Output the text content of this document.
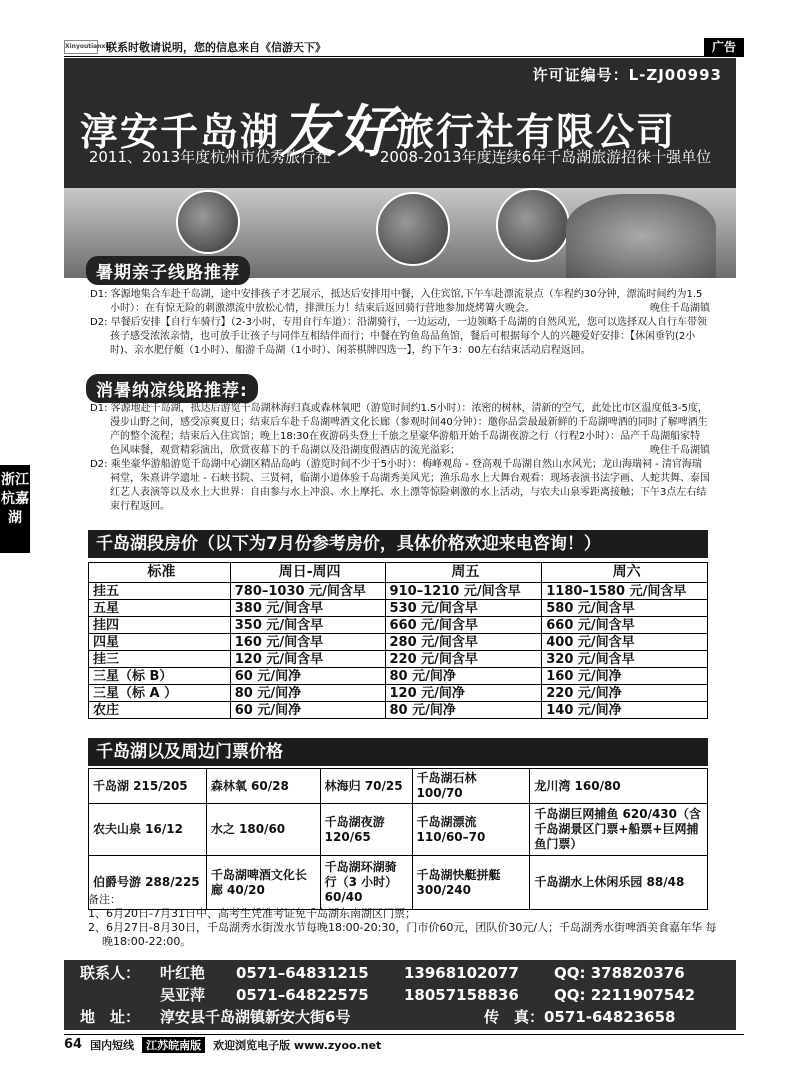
Xinyoutianxia
联系时敬请说明，您的信息来自《信游天下》	广告
许可证编号：L-ZJ00993
淳安千岛湖友好旅行社有限公司
2011、2013年度杭州市优秀旅行社	2008-2013年度连续6年千岛湖旅游招徕十强单位
暑期亲子线路推荐

D1: 客源地集合车赴千岛湖，途中安排孩子才艺展示，抵达后安排用中餐，入住宾馆,下午车赴漂流景点（车程约30分钟，漂流时间约为1.5小时）：在有惊无险的刺激漂流中放松心情，排泄压力！结束后返回骑行营地参加烧烤篝火晚会。	晚住千岛湖镇

D2: 早餐后安排【自行车骑行】（2-3小时，专用自行车道）：沿湖骑行，一边运动，一边领略千岛湖的自然风光，您可以选择双人自行车带领孩子感受浓浓亲情，也可放手让孩子与同伴互相结伴而行；中餐在钓鱼岛品鱼馆，餐后可根据每个人的兴趣爱好安排：【休闲垂钓(2小时)、亲水肥仔艇（1小时）、船游千岛湖（1小时）、闲茶棋牌四选一】，约下午3：00左右结束活动启程返回。

消暑纳凉线路推荐:

D1: 客源地赴千岛湖，抵达后游览千岛湖林海归真或森林氧吧（游览时间约1.5小时）：浓密的树林，清新的空气，此处比市区温度低3-5度，漫步山野之间，感受凉爽夏日；结束后车赴千岛湖啤酒文化长廊（参观时间40分钟）：邀你品尝最最新鲜的千岛湖啤酒的同时了解啤酒生产的整个流程；结束后入住宾馆；晚上18:30在夜游码头登上千旅之星豪华游船开始千岛湖夜游之行（行程2小时）：品产千岛湖船家特色风味餐，观赏精彩演出，欣赏夜幕下的千岛湖以及沿湖度假酒店的流光溢彩；	晚住千岛湖镇

D2: 乘坐豪华游船游览千岛湖中心湖区精品岛屿（游览时间不少于5小时）：梅峰观岛 - 登高观千岛湖自然山水风光；龙山海瑞祠 - 清官海瑞祠堂，朱熹讲学遗址 - 石峡书院、三贤祠，临湖小道体验千岛湖秀美风光；渔乐岛水上大舞台观看：现场表演书法字画、人蛇共舞、泰国红艺人表演等以及水上大世界：自由参与水上冲浪、水上摩托、水上漂等惊险刺激的水上活动，与农夫山泉零距离接触；下午3点左右结束行程返回。

浙江
杭嘉
湖
千岛湖段房价（以下为7月份参考房价，具体价格欢迎来电咨询！）
标准	周日-周四	周五	周六
挂五	780–1030 元/间含早	910–1210 元/间含早	1180–1580 元/间含早
五星	380 元/间含早	530 元/间含早	580 元/间含早
挂四	350 元/间含早	660 元/间含早	660 元/间含早
四星	160 元/间含早	280 元/间含早	400 元/间含早
挂三	120 元/间含早	220 元/间含早	320 元/间含早
三星（标 B）	60 元/间净	80 元/间净	160 元/间净
三星（标 A ）	80 元/间净	120 元/间净	220 元/间净
农庄	60 元/间净	80 元/间净	140 元/间净
千岛湖以及周边门票价格
千岛湖 215/205	森林氧 60/28	林海归 70/25	千岛湖石林 100/70	龙川湾 160/80
农夫山泉 16/12	水之 180/60	千岛湖夜游 120/65	千岛湖漂流 110/60–70	千岛湖巨网捕鱼 620/430（含千岛湖景区门票+船票+巨网捕鱼门票）
伯爵号游 288/225	千岛湖啤酒文化长廊 40/20	千岛湖环湖骑行（3 小时） 60/40	千岛湖快艇拼艇 300/240	千岛湖水上休闲乐园 88/48
备注：

1、6月20日-7月31日中、高考生凭准考证免千岛湖东南湖区门票；

2、6月27日-8月30日，千岛湖秀水街泼水节每晚18:00-20:30，门市价60元，团队价30元/人；千岛湖秀水街啤酒美食嘉年华 每晚18:00-22:00。

联系人： 叶红艳 0571–64831215 13968102077 QQ: 378820376
吴亚萍 0571–64822575 18057158836 QQ: 2211907542
地　址： 淳安县千岛湖镇新安大街6号	传　真：0571-64823658
64 国内短线	江苏皖南版	欢迎浏览电子版 www.zyoo.net
